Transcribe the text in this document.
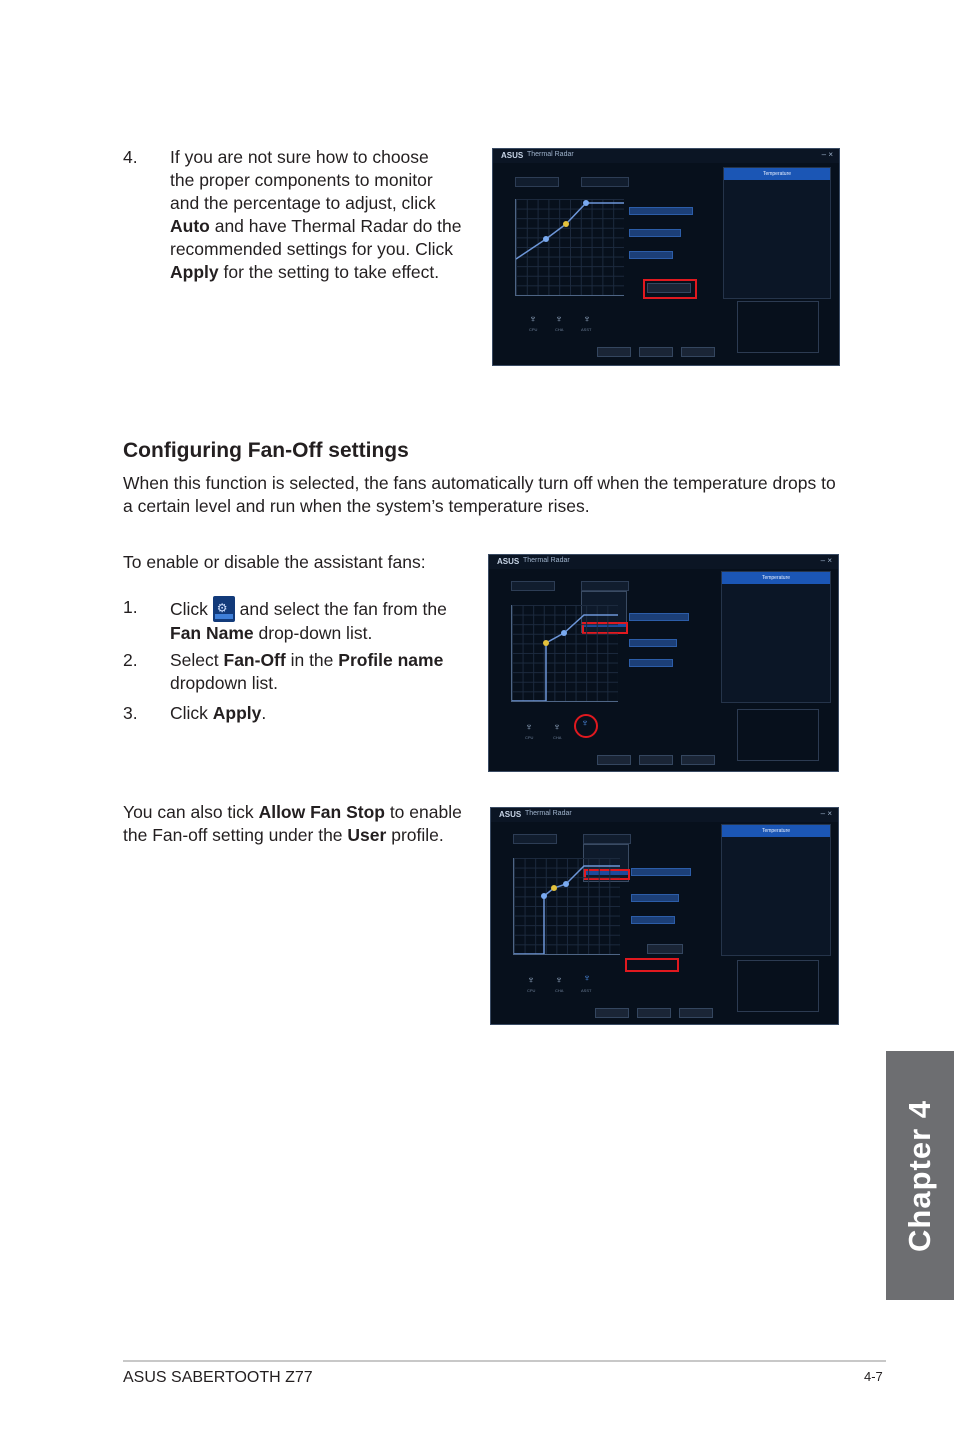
4. If you are not sure how to choose
the proper components to monitor
and the percentage to adjust, click
Auto and have Thermal Radar do the
recommended settings for you. Click
Apply for the setting to take effect.
ASUS Thermal Radar	– ×
♆ ♆ ♆
CPU	CHA	ASST
Temperature
Configuring Fan-Off settings
When this function is selected, the fans automatically turn off when the temperature drops to
a certain level and run when the system’s temperature rises.
To enable or disable the assistant fans:
1. Click ⚙ and select the fan from the
Fan Name drop-down list.
2. Select Fan-Off in the Profile name
dropdown list.
3. Click Apply.
ASUS Thermal Radar	– ×
♆ ♆ ♆
CPU	CHA
Temperature
You can also tick Allow Fan Stop to enable
the Fan-off setting under the User profile.
ASUS Thermal Radar	– ×
♆ ♆ ♆
CPU	CHA	ASST
Temperature
Chapter 4
ASUS SABERTOOTH Z77	4-7
